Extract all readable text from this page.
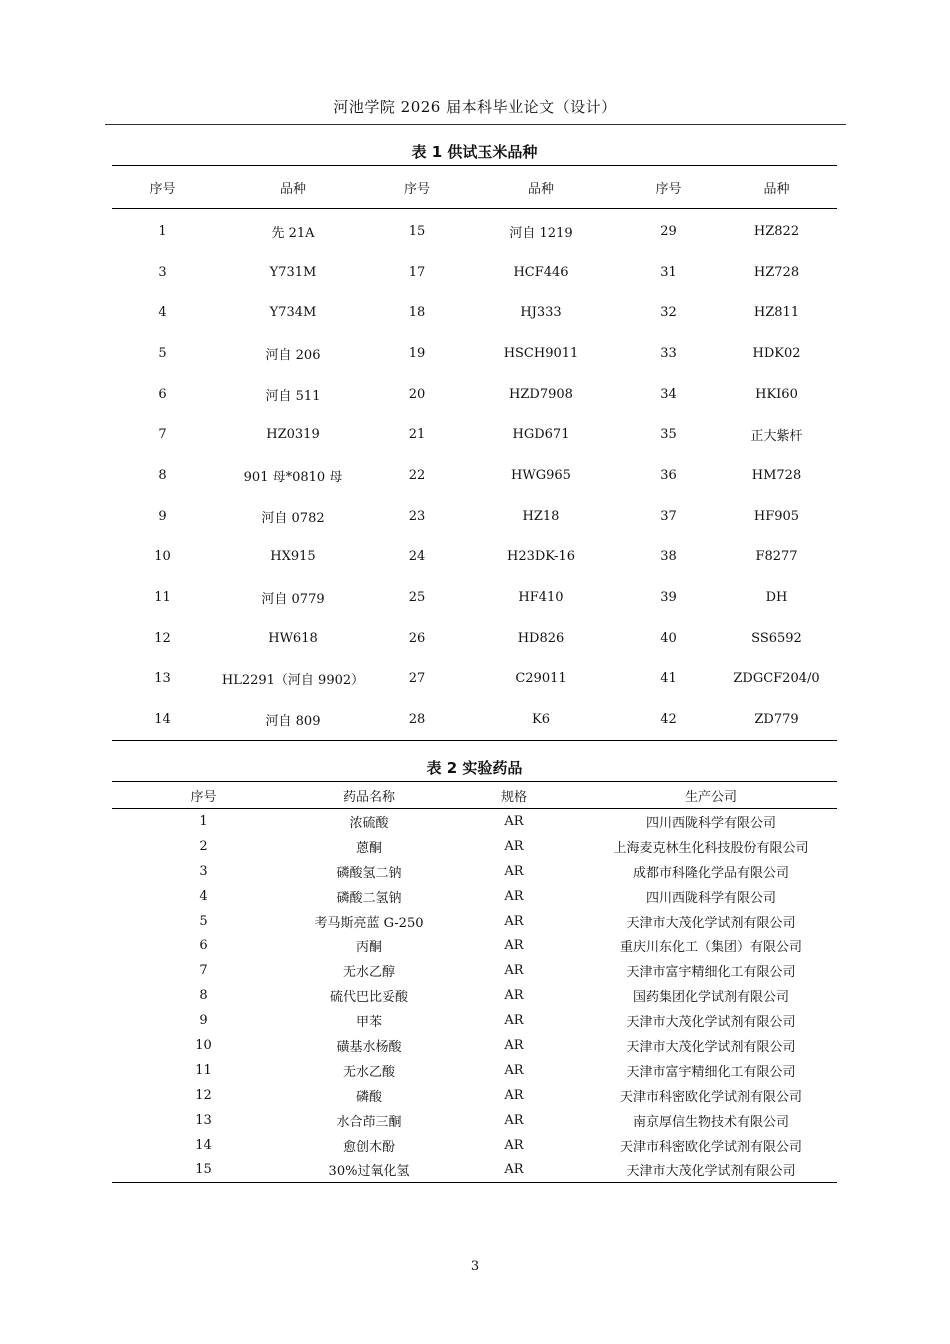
河池学院 2026 届本科毕业论文（设计）
表 1 供试玉米品种
序号	品种	序号	品种	序号	品种
1	先 21A	15	河自 1219	29	HZ822
3	Y731M	17	HCF446	31	HZ728
4	Y734M	18	HJ333	32	HZ811
5	河自 206	19	HSCH9011	33	HDK02
6	河自 511	20	HZD7908	34	HKI60
7	HZ0319	21	HGD671	35	正大紫杆
8	901 母*0810 母	22	HWG965	36	HM728
9	河自 0782	23	HZ18	37	HF905
10	HX915	24	H23DK-16	38	F8277
11	河自 0779	25	HF410	39	DH
12	HW618	26	HD826	40	SS6592
13	HL2291（河自 9902）	27	C29011	41	ZDGCF204/0
14	河自 809	28	K6	42	ZD779
表 2 实验药品
序号	药品名称	规格	生产公司
1	浓硫酸	AR	四川西陇科学有限公司
2	蒽酮	AR	上海麦克林生化科技股份有限公司
3	磷酸氢二钠	AR	成都市科隆化学品有限公司
4	磷酸二氢钠	AR	四川西陇科学有限公司
5	考马斯亮蓝 G-250	AR	天津市大茂化学试剂有限公司
6	丙酮	AR	重庆川东化工（集团）有限公司
7	无水乙醇	AR	天津市富宇精细化工有限公司
8	硫代巴比妥酸	AR	国药集团化学试剂有限公司
9	甲苯	AR	天津市大茂化学试剂有限公司
10	磺基水杨酸	AR	天津市大茂化学试剂有限公司
11	无水乙酸	AR	天津市富宇精细化工有限公司
12	磷酸	AR	天津市科密欧化学试剂有限公司
13	水合茚三酮	AR	南京厚信生物技术有限公司
14	愈创木酚	AR	天津市科密欧化学试剂有限公司
15	30%过氧化氢	AR	天津市大茂化学试剂有限公司
3
